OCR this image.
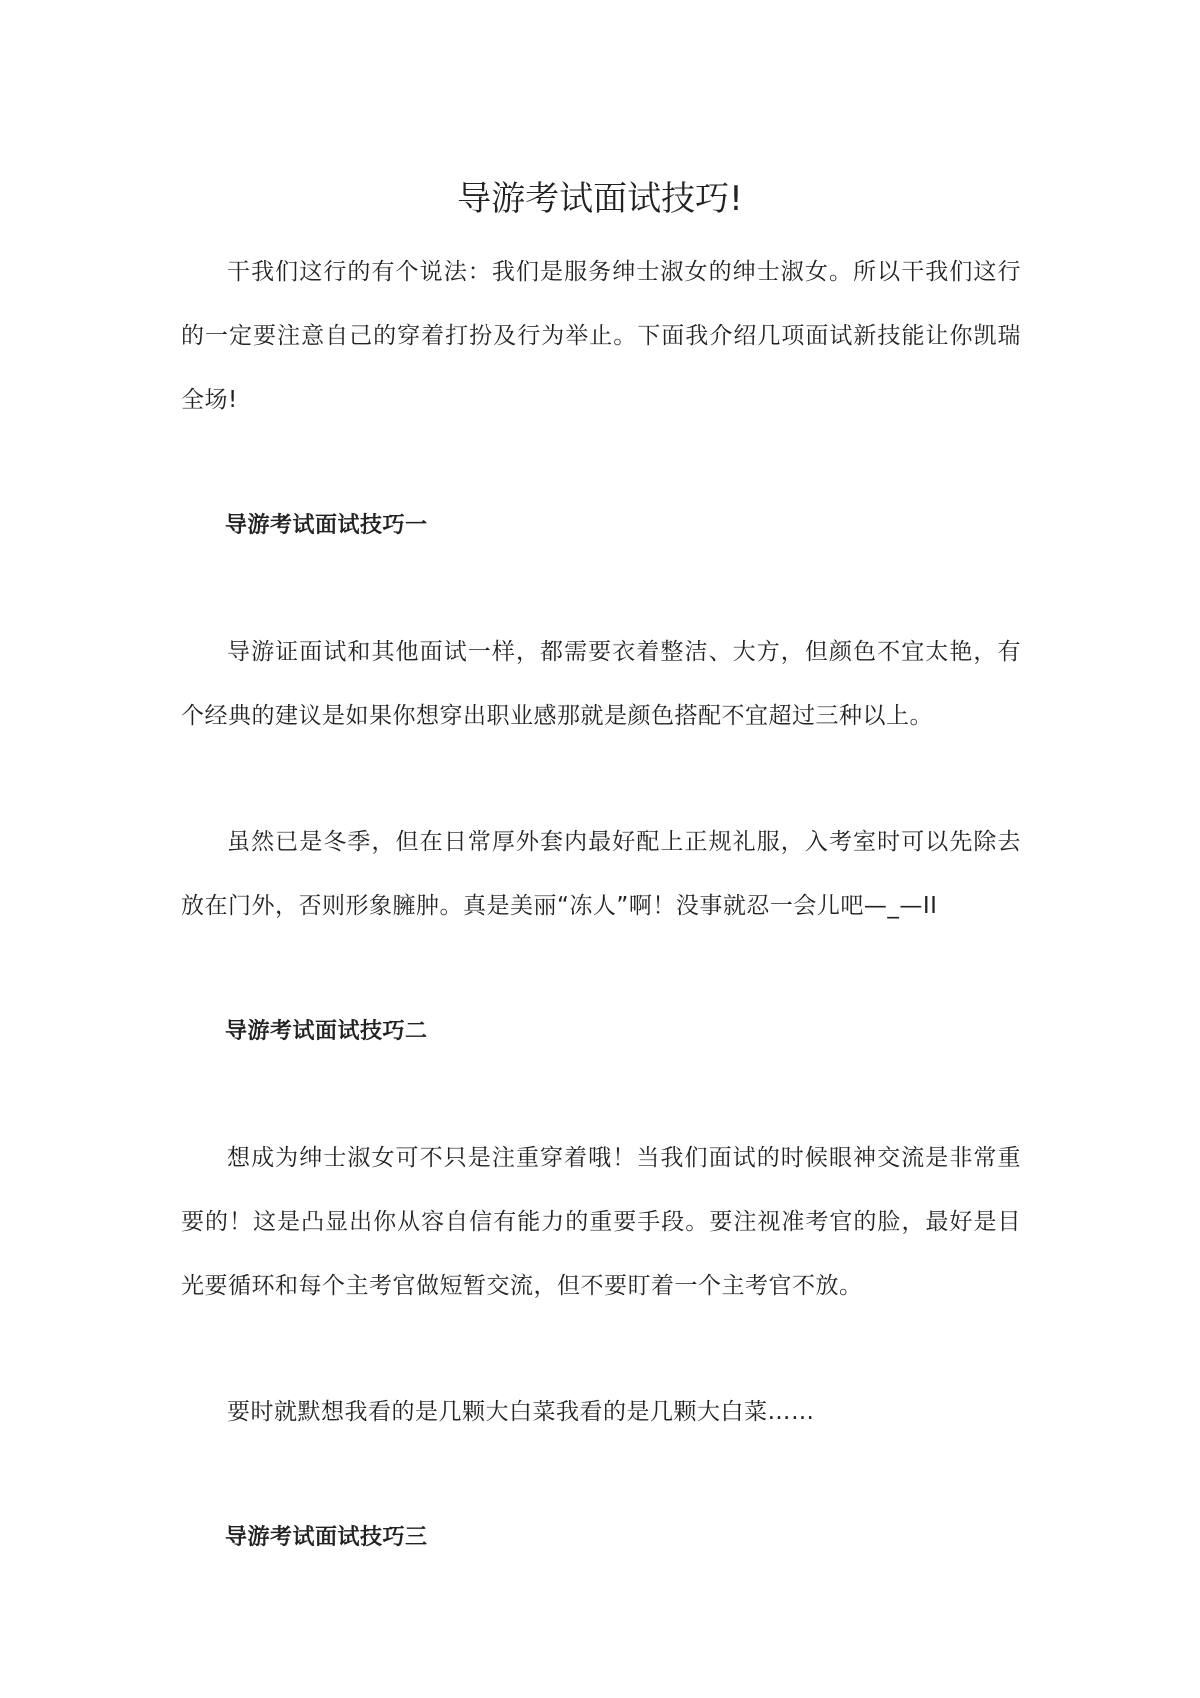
导游考试面试技巧!

干我们这行的有个说法：我们是服务绅士淑女的绅士淑女。所以干我们这行的一定要注意自己的穿着打扮及行为举止。下面我介绍几项面试新技能让你凯瑞全场!

导游考试面试技巧一

导游证面试和其他面试一样，都需要衣着整洁、大方，但颜色不宜太艳，有个经典的建议是如果你想穿出职业感那就是颜色搭配不宜超过三种以上。

虽然已是冬季，但在日常厚外套内最好配上正规礼服，入考室时可以先除去放在门外，否则形象臃肿。真是美丽“冻人”啊！没事就忍一会儿吧—_—II

导游考试面试技巧二

想成为绅士淑女可不只是注重穿着哦！当我们面试的时候眼神交流是非常重要的！这是凸显出你从容自信有能力的重要手段。要注视准考官的脸，最好是目光要循环和每个主考官做短暂交流，但不要盯着一个主考官不放。

要时就默想我看的是几颗大白菜我看的是几颗大白菜……

导游考试面试技巧三
